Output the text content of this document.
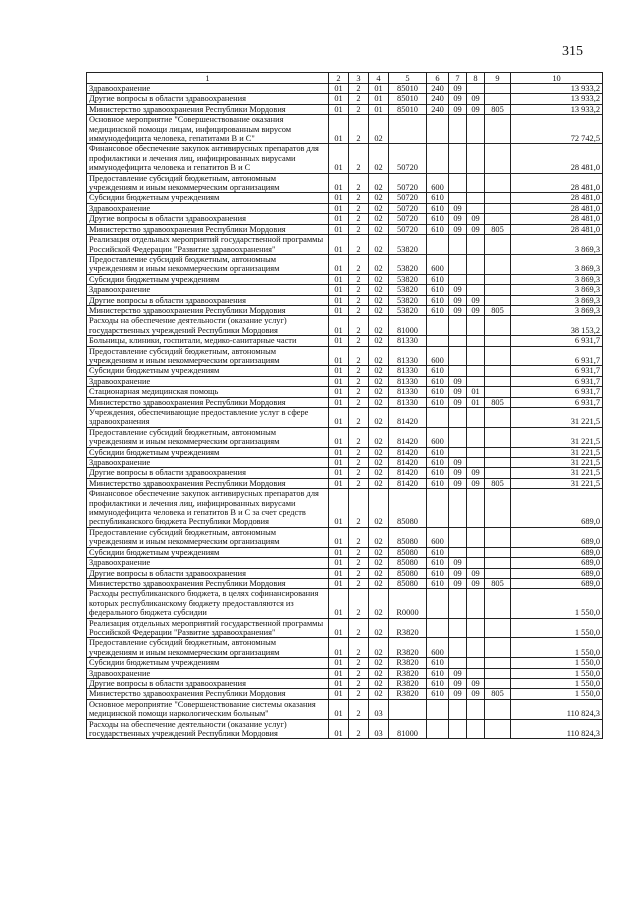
315
1	2	3	4	5	6	7	8	9	10
Здравоохранение	01	2	01	85010	240	09			13 933,2
Другие вопросы в области здравоохранения	01	2	01	85010	240	09	09		13 933,2
Министерство здравоохранения Республики Мордовия	01	2	01	85010	240	09	09	805	13 933,2
Основное мероприятие "Совершенствование оказания медицинской помощи лицам, инфицированным вирусом иммунодефицита человека, гепатитами В и С"	01	2	02						72 742,5
Финансовое обеспечение закупок антивирусных препаратов для профилактики и лечения лиц, инфицированных вирусами иммунодефицита человека и гепатитов В и С	01	2	02	50720					28 481,0
Предоставление субсидий бюджетным, автономным учреждениям и иным некоммерческим организациям	01	2	02	50720	600				28 481,0
Субсидии бюджетным учреждениям	01	2	02	50720	610				28 481,0
Здравоохранение	01	2	02	50720	610	09			28 481,0
Другие вопросы в области здравоохранения	01	2	02	50720	610	09	09		28 481,0
Министерство здравоохранения Республики Мордовия	01	2	02	50720	610	09	09	805	28 481,0
Реализация отдельных мероприятий государственной программы Российской Федерации "Развитие здравоохранения"	01	2	02	53820					3 869,3
Предоставление субсидий бюджетным, автономным учреждениям и иным некоммерческим организациям	01	2	02	53820	600				3 869,3
Субсидии бюджетным учреждениям	01	2	02	53820	610				3 869,3
Здравоохранение	01	2	02	53820	610	09			3 869,3
Другие вопросы в области здравоохранения	01	2	02	53820	610	09	09		3 869,3
Министерство здравоохранения Республики Мордовия	01	2	02	53820	610	09	09	805	3 869,3
Расходы на обеспечение деятельности (оказание услуг) государственных учреждений Республики Мордовия	01	2	02	81000					38 153,2
Больницы, клиники, госпитали, медико-санитарные части	01	2	02	81330					6 931,7
Предоставление субсидий бюджетным, автономным учреждениям и иным некоммерческим организациям	01	2	02	81330	600				6 931,7
Субсидии бюджетным учреждениям	01	2	02	81330	610				6 931,7
Здравоохранение	01	2	02	81330	610	09			6 931,7
Стационарная медицинская помощь	01	2	02	81330	610	09	01		6 931,7
Министерство здравоохранения Республики Мордовия	01	2	02	81330	610	09	01	805	6 931,7
Учреждения, обеспечивающие предоставление услуг в сфере здравоохранения	01	2	02	81420					31 221,5
Предоставление субсидий бюджетным, автономным учреждениям и иным некоммерческим организациям	01	2	02	81420	600				31 221,5
Субсидии бюджетным учреждениям	01	2	02	81420	610				31 221,5
Здравоохранение	01	2	02	81420	610	09			31 221,5
Другие вопросы в области здравоохранения	01	2	02	81420	610	09	09		31 221,5
Министерство здравоохранения Республики Мордовия	01	2	02	81420	610	09	09	805	31 221,5
Финансовое обеспечение закупок антивирусных препаратов для профилактики и лечения лиц, инфицированных вирусами иммунодефицита человека и гепатитов В и С за счет средств республиканского бюджета Республики Мордовия	01	2	02	85080					689,0
Предоставление субсидий бюджетным, автономным учреждениям и иным некоммерческим организациям	01	2	02	85080	600				689,0
Субсидии бюджетным учреждениям	01	2	02	85080	610				689,0
Здравоохранение	01	2	02	85080	610	09			689,0
Другие вопросы в области здравоохранения	01	2	02	85080	610	09	09		689,0
Министерство здравоохранения Республики Мордовия	01	2	02	85080	610	09	09	805	689,0
Расходы республиканского бюджета, в целях софинансирования которых республиканскому бюджету предоставляются из федерального бюджета субсидии	01	2	02	R0000					1 550,0
Реализация отдельных мероприятий государственной программы Российской Федерации "Развитие здравоохранения"	01	2	02	R3820					1 550,0
Предоставление субсидий бюджетным, автономным учреждениям и иным некоммерческим организациям	01	2	02	R3820	600				1 550,0
Субсидии бюджетным учреждениям	01	2	02	R3820	610				1 550,0
Здравоохранение	01	2	02	R3820	610	09			1 550,0
Другие вопросы в области здравоохранения	01	2	02	R3820	610	09	09		1 550,0
Министерство здравоохранения Республики Мордовия	01	2	02	R3820	610	09	09	805	1 550,0
Основное мероприятие "Совершенствование системы оказания медицинской помощи наркологическим больным"	01	2	03						110 824,3
Расходы на обеспечение деятельности (оказание услуг) государственных учреждений Республики Мордовия	01	2	03	81000					110 824,3
